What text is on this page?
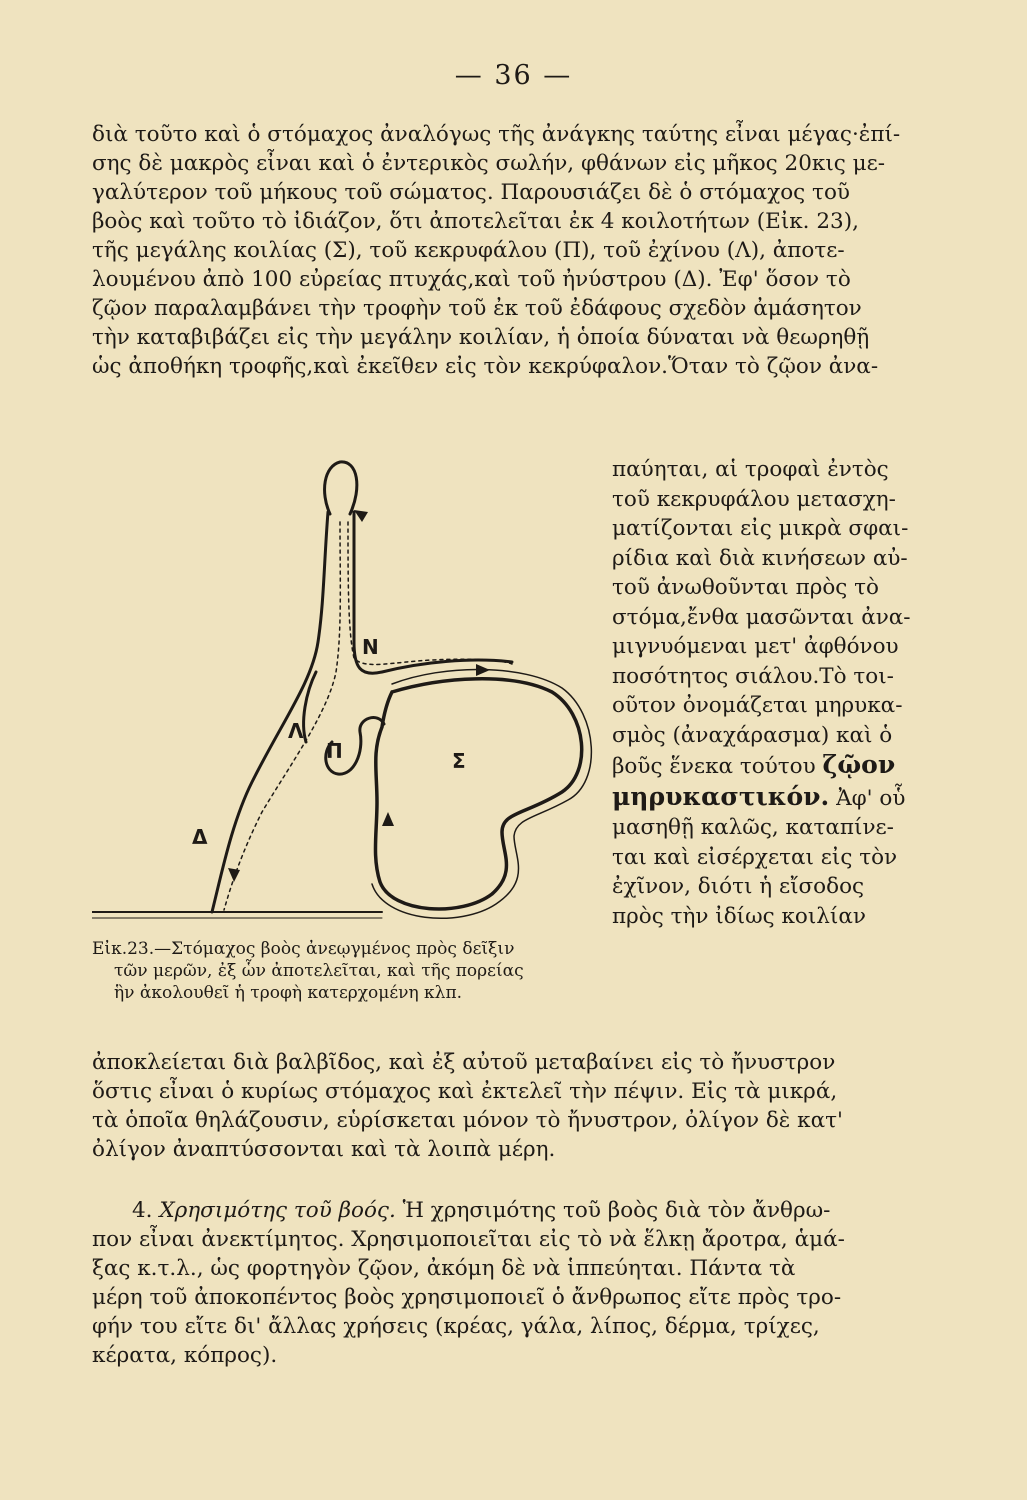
— 36 —
διὰ τοῦτο καὶ ὁ στόμαχος ἀναλόγως τῆς ἀνάγκης ταύτης εἶναι μέγας·ἐπί-
σης δὲ μακρὸς εἶναι καὶ ὁ ἐντερικὸς σωλήν, φθάνων εἰς μῆκος 20κις με-
γαλύτερον τοῦ μήκους τοῦ σώματος. Παρουσιάζει δὲ ὁ στόμαχος τοῦ
βοὸς καὶ τοῦτο τὸ ἰδιάζον, ὅτι ἀποτελεῖται ἐκ 4 κοιλοτήτων (Εἰκ. 23),
τῆς μεγάλης κοιλίας (Σ), τοῦ κεκρυφάλου (Π), τοῦ ἐχίνου (Λ), ἀποτε-
λουμένου ἀπὸ 100 εὐρείας πτυχάς,καὶ τοῦ ἠνύστρου (Δ). Ἐφ' ὅσον τὸ
ζῷον παραλαμβάνει τὴν τροφὴν τοῦ ἐκ τοῦ ἐδάφους σχεδὸν ἀμάσητον
τὴν καταβιβάζει εἰς τὴν μεγάλην κοιλίαν, ἡ ὁποία δύναται νὰ θεωρηθῇ
ὡς ἀποθήκη τροφῆς,καὶ ἐκεῖθεν εἰς τὸν κεκρύφαλον.Ὅταν τὸ ζῷον ἀνα-
παύηται, αἱ τροφαὶ ἐντὸς
τοῦ κεκρυφάλου μετασχη-
ματίζονται εἰς μικρὰ σφαι-
ρίδια καὶ διὰ κινήσεων αὐ-
τοῦ ἀνωθοῦνται πρὸς τὸ
στόμα,ἔνθα μασῶνται ἀνα-
μιγνυόμεναι μετ' ἀφθόνου
ποσότητος σιάλου.Τὸ τοι-
οῦτον ὀνομάζεται μηρυκα-
σμὸς (ἀναχάρασμα) καὶ ὁ
βοῦς ἕνεκα τούτου ζῷον
μηρυκαστικόν. Ἀφ' οὗ
μασηθῇ καλῶς, καταπίνε-
ται καὶ εἰσέρχεται εἰς τὸν
ἐχῖνον, διότι ἡ εἴσοδος
πρὸς τὴν ἰδίως κοιλίαν
Ν
Λ
Π	Σ
Δ
Εἰκ.23.—Στόμαχος βοὸς ἀνεῳγμένος πρὸς δεῖξιν
τῶν μερῶν, ἐξ ὧν ἀποτελεῖται, καὶ τῆς πορείας
ἣν ἀκολουθεῖ ἡ τροφὴ κατερχομένη κλπ.
ἀποκλείεται διὰ βαλβῖδος, καὶ ἐξ αὐτοῦ μεταβαίνει εἰς τὸ ἤνυστρον
ὅστις εἶναι ὁ κυρίως στόμαχος καὶ ἐκτελεῖ τὴν πέψιν. Εἰς τὰ μικρά,
τὰ ὁποῖα θηλάζουσιν, εὑρίσκεται μόνον τὸ ἤνυστρον, ὀλίγον δὲ κατ'
ὀλίγον ἀναπτύσσονται καὶ τὰ λοιπὰ μέρη.
4. Χρησιμότης τοῦ βοός. Ἡ χρησιμότης τοῦ βοὸς διὰ τὸν ἄνθρω-
πον εἶναι ἀνεκτίμητος. Χρησιμοποιεῖται εἰς τὸ νὰ ἕλκῃ ἄροτρα, ἁμά-
ξας κ.τ.λ., ὡς φορτηγὸν ζῷον, ἀκόμη δὲ νὰ ἱππεύηται. Πάντα τὰ
μέρη τοῦ ἀποκοπέντος βοὸς χρησιμοποιεῖ ὁ ἄνθρωπος εἴτε πρὸς τρο-
φήν του εἴτε δι' ἄλλας χρήσεις (κρέας, γάλα, λίπος, δέρμα, τρίχες,
κέρατα, κόπρος).
